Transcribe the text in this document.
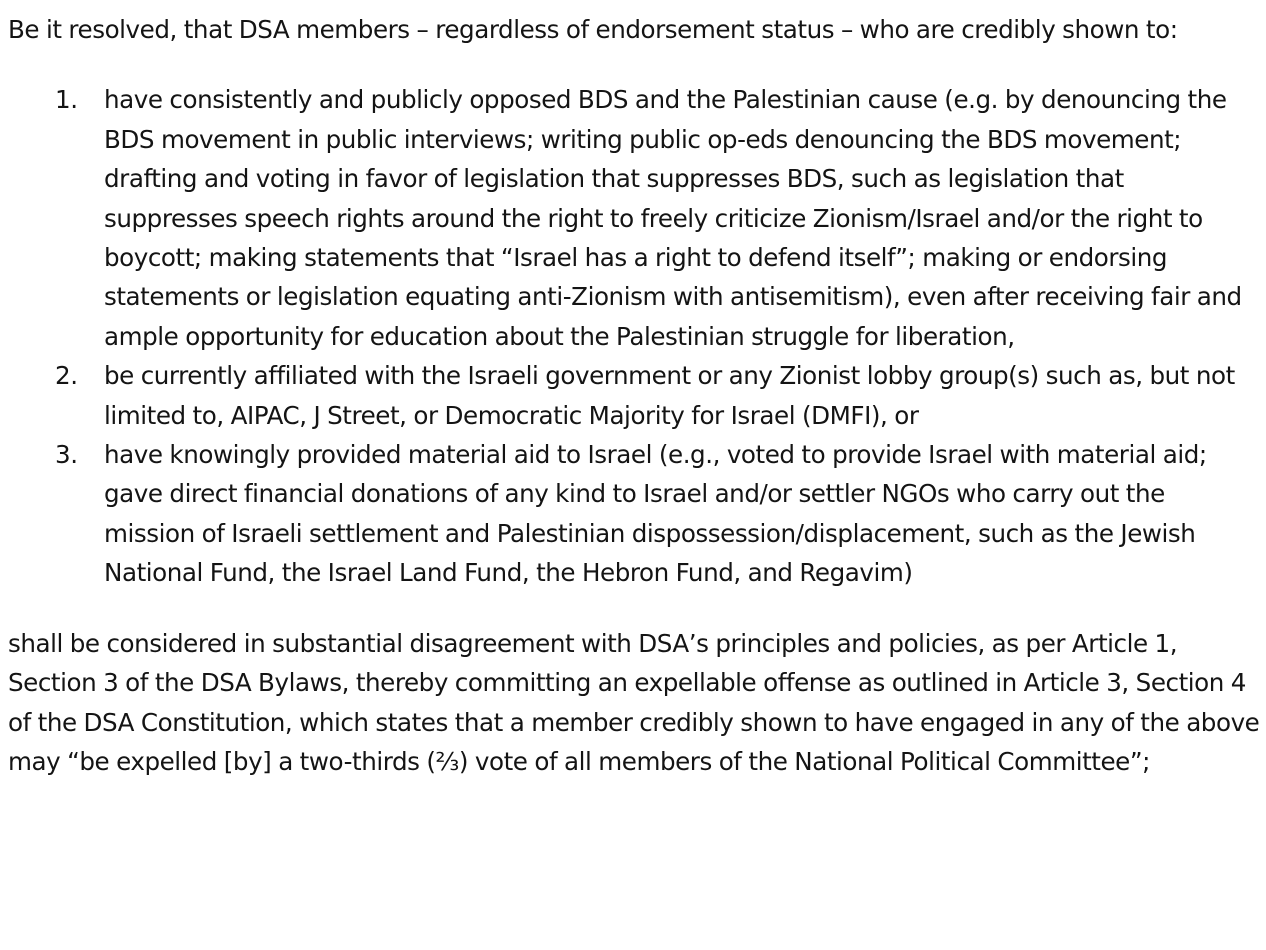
Be it resolved, that DSA members – regardless of endorsement status – who are credibly shown to:

1. have consistently and publicly opposed BDS and the Palestinian cause (e.g. by denouncing the BDS movement in public interviews; writing public op-eds denouncing the BDS movement; drafting and voting in favor of legislation that suppresses BDS, such as legislation that suppresses speech rights around the right to freely criticize Zionism/Israel and/or the right to boycott; making statements that “Israel has a right to defend itself”; making or endorsing statements or legislation equating anti-Zionism with antisemitism), even after receiving fair and ample opportunity for education about the Palestinian struggle for liberation,
2. be currently affiliated with the Israeli government or any Zionist lobby group(s) such as, but not limited to, AIPAC, J Street, or Democratic Majority for Israel (DMFI), or
3. have knowingly provided material aid to Israel (e.g., voted to provide Israel with material aid; gave direct financial donations of any kind to Israel and/or settler NGOs who carry out the mission of Israeli settlement and Palestinian dispossession/displacement, such as the Jewish National Fund, the Israel Land Fund, the Hebron Fund, and Regavim)

shall be considered in substantial disagreement with DSA’s principles and policies, as per Article 1, Section 3 of the DSA Bylaws, thereby committing an expellable offense as outlined in Article 3, Section 4 of the DSA Constitution, which states that a member credibly shown to have engaged in any of the above may “be expelled [by] a two-thirds (⅔) vote of all members of the National Political Committee”;
